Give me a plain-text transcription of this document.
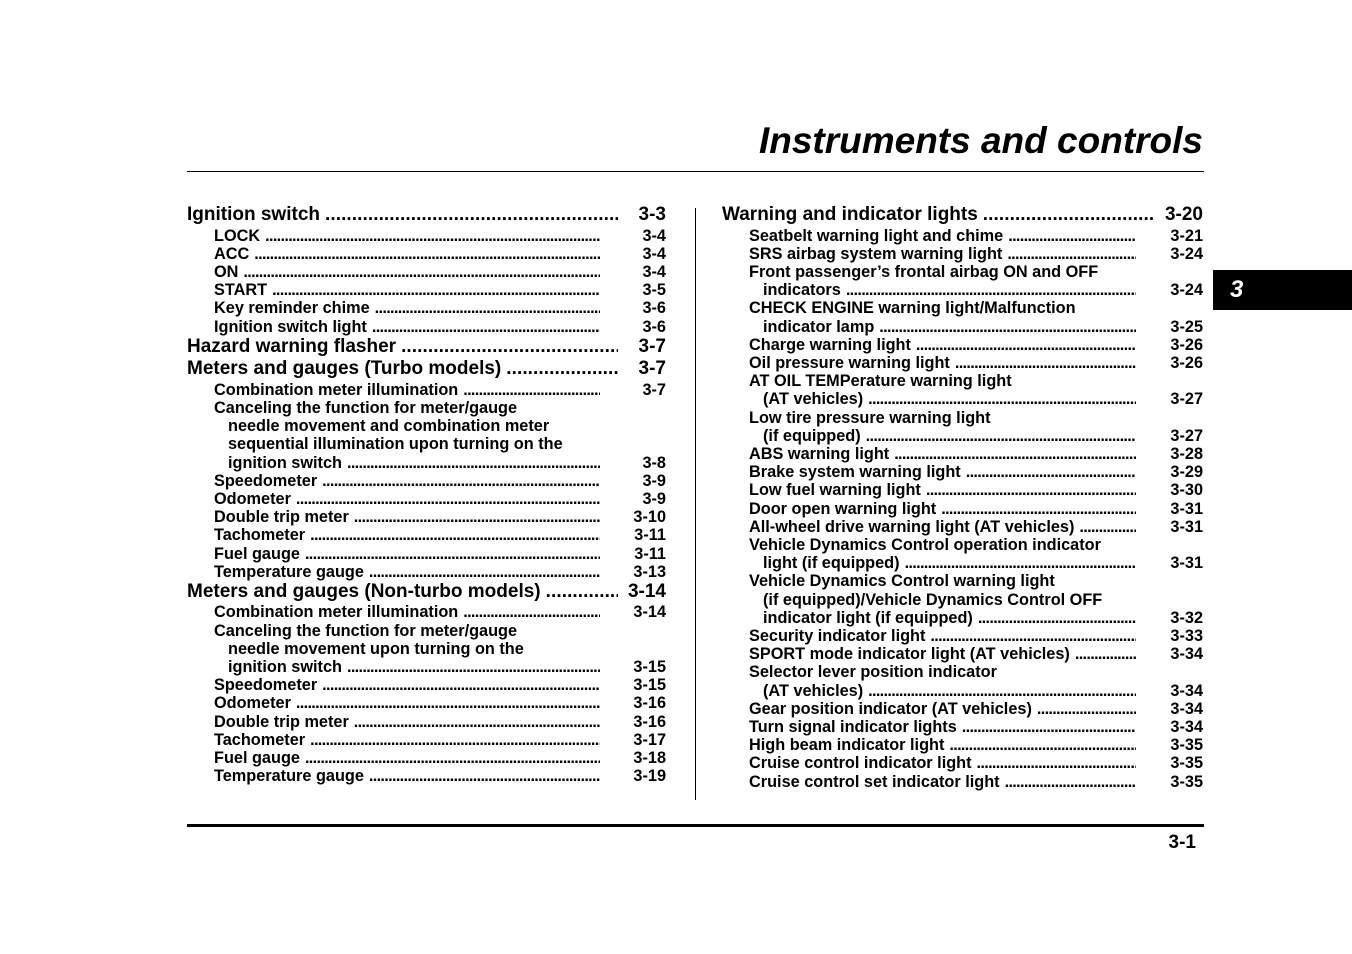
Instruments and controls
3
Ignition switch . . .	3-3
LOCK . . .	3-4
ACC . . .	3-4
ON . . .	3-4
START . . .	3-5
Key reminder chime . . .	3-6
Ignition switch light . . .	3-6
Hazard warning flasher . . .	3-7
Meters and gauges (Turbo models) . . .	3-7
Combination meter illumination . . .	3-7
Canceling the function for meter/gauge
needle movement and combination meter
sequential illumination upon turning on the
ignition switch . . .	3-8
Speedometer . . .	3-9
Odometer . . .	3-9
Double trip meter . . .	3-10
Tachometer . . .	3-11
Fuel gauge . . .	3-11
Temperature gauge . . .	3-13
Meters and gauges (Non-turbo models) . . .	3-14
Combination meter illumination . . .	3-14
Canceling the function for meter/gauge
needle movement upon turning on the
ignition switch . . .	3-15
Speedometer . . .	3-15
Odometer . . .	3-16
Double trip meter . . .	3-16
Tachometer . . .	3-17
Fuel gauge . . .	3-18
Temperature gauge . . .	3-19
Warning and indicator lights . . .	3-20
Seatbelt warning light and chime . . .	3-21
SRS airbag system warning light . . .	3-24
Front passenger’s frontal airbag ON and OFF
indicators . . .	3-24
CHECK ENGINE warning light/Malfunction
indicator lamp . . .	3-25
Charge warning light . . .	3-26
Oil pressure warning light . . .	3-26
AT OIL TEMPerature warning light
(AT vehicles) . . .	3-27
Low tire pressure warning light
(if equipped) . . .	3-27
ABS warning light . . .	3-28
Brake system warning light . . .	3-29
Low fuel warning light . . .	3-30
Door open warning light . . .	3-31
All-wheel drive warning light (AT vehicles) . . .	3-31
Vehicle Dynamics Control operation indicator
light (if equipped) . . .	3-31
Vehicle Dynamics Control warning light
(if equipped)/Vehicle Dynamics Control OFF
indicator light (if equipped) . . .	3-32
Security indicator light . . .	3-33
SPORT mode indicator light (AT vehicles) . . .	3-34
Selector lever position indicator
(AT vehicles) . . .	3-34
Gear position indicator (AT vehicles) . . .	3-34
Turn signal indicator lights . . .	3-34
High beam indicator light . . .	3-35
Cruise control indicator light . . .	3-35
Cruise control set indicator light . . .	3-35
3-1
